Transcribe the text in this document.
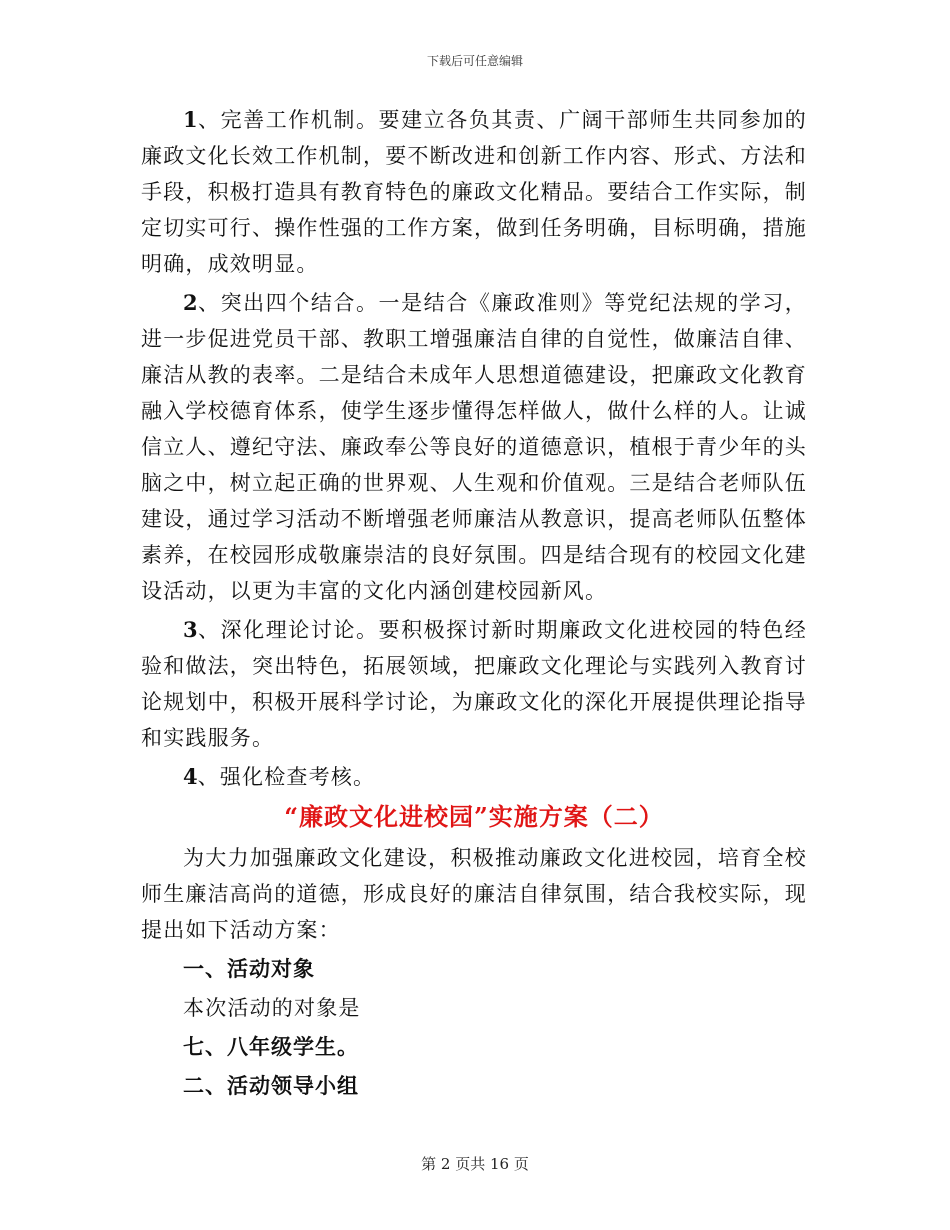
下载后可任意编辑

1、完善工作机制。要建立各负其责、广阔干部师生共同参加的廉政文化长效工作机制，要不断改进和创新工作内容、形式、方法和手段，积极打造具有教育特色的廉政文化精品。要结合工作实际，制定切实可行、操作性强的工作方案，做到任务明确，目标明确，措施明确，成效明显。

2、突出四个结合。一是结合《廉政准则》等党纪法规的学习，进一步促进党员干部、教职工增强廉洁自律的自觉性，做廉洁自律、廉洁从教的表率。二是结合未成年人思想道德建设，把廉政文化教育融入学校德育体系，使学生逐步懂得怎样做人，做什么样的人。让诚信立人、遵纪守法、廉政奉公等良好的道德意识，植根于青少年的头脑之中，树立起正确的世界观、人生观和价值观。三是结合老师队伍建设，通过学习活动不断增强老师廉洁从教意识，提高老师队伍整体素养，在校园形成敬廉崇洁的良好氛围。四是结合现有的校园文化建设活动，以更为丰富的文化内涵创建校园新风。

3、深化理论讨论。要积极探讨新时期廉政文化进校园的特色经验和做法，突出特色，拓展领域，把廉政文化理论与实践列入教育讨论规划中，积极开展科学讨论，为廉政文化的深化开展提供理论指导和实践服务。

4、强化检查考核。

“廉政文化进校园”实施方案（二）

为大力加强廉政文化建设，积极推动廉政文化进校园，培育全校师生廉洁高尚的道德，形成良好的廉洁自律氛围，结合我校实际，现提出如下活动方案：

一、活动对象

本次活动的对象是

七、八年级学生。

二、活动领导小组

第 2 页共 16 页
